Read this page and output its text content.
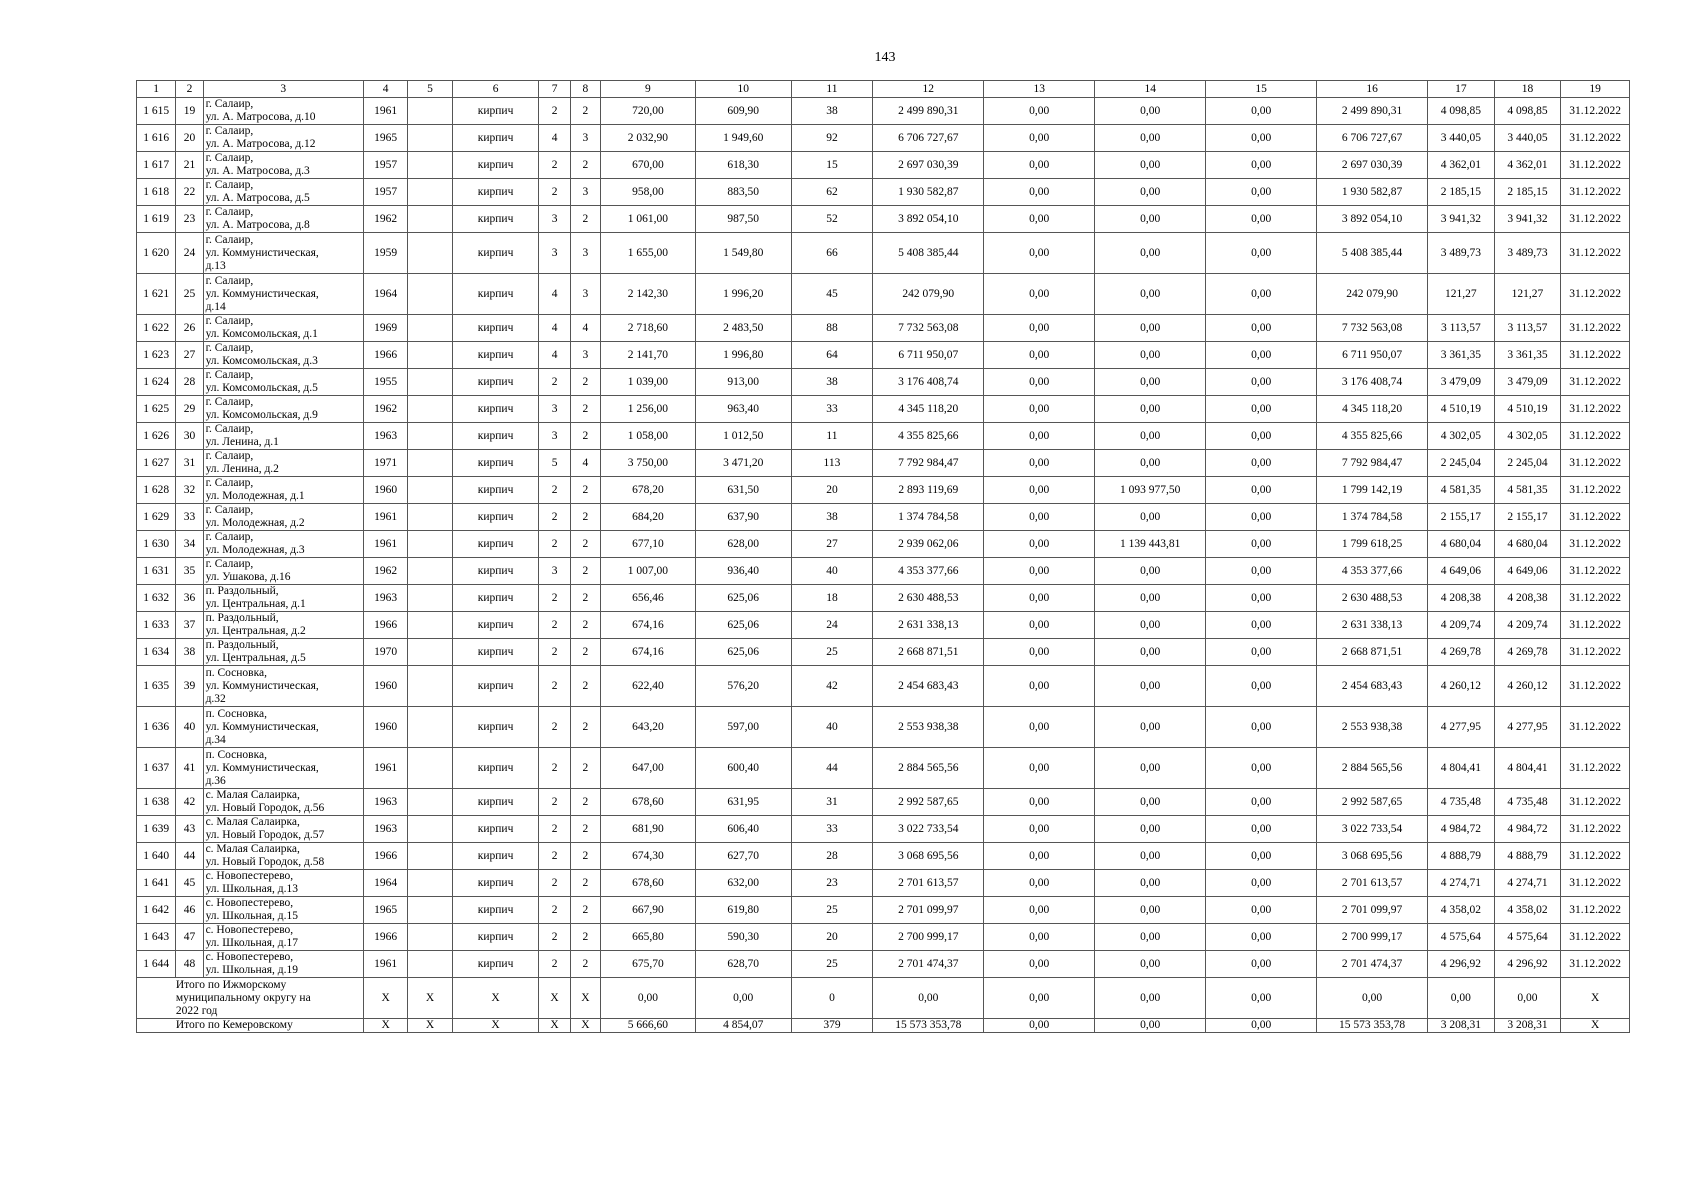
143
1	2	3	4	5	6	7	8	9	10	11	12	13	14	15	16	17	18	19
1 615	19	г. Салаир,
ул. А. Матросова, д.10	1961		кирпич	2	2	720,00	609,90	38	2 499 890,31	0,00	0,00	0,00	2 499 890,31	4 098,85	4 098,85	31.12.2022
1 616	20	г. Салаир,
ул. А. Матросова, д.12	1965		кирпич	4	3	2 032,90	1 949,60	92	6 706 727,67	0,00	0,00	0,00	6 706 727,67	3 440,05	3 440,05	31.12.2022
1 617	21	г. Салаир,
ул. А. Матросова, д.3	1957		кирпич	2	2	670,00	618,30	15	2 697 030,39	0,00	0,00	0,00	2 697 030,39	4 362,01	4 362,01	31.12.2022
1 618	22	г. Салаир,
ул. А. Матросова, д.5	1957		кирпич	2	3	958,00	883,50	62	1 930 582,87	0,00	0,00	0,00	1 930 582,87	2 185,15	2 185,15	31.12.2022
1 619	23	г. Салаир,
ул. А. Матросова, д.8	1962		кирпич	3	2	1 061,00	987,50	52	3 892 054,10	0,00	0,00	0,00	3 892 054,10	3 941,32	3 941,32	31.12.2022
1 620	24	г. Салаир,
ул. Коммунистическая,
д.13	1959		кирпич	3	3	1 655,00	1 549,80	66	5 408 385,44	0,00	0,00	0,00	5 408 385,44	3 489,73	3 489,73	31.12.2022
1 621	25	г. Салаир,
ул. Коммунистическая,
д.14	1964		кирпич	4	3	2 142,30	1 996,20	45	242 079,90	0,00	0,00	0,00	242 079,90	121,27	121,27	31.12.2022
1 622	26	г. Салаир,
ул. Комсомольская, д.1	1969		кирпич	4	4	2 718,60	2 483,50	88	7 732 563,08	0,00	0,00	0,00	7 732 563,08	3 113,57	3 113,57	31.12.2022
1 623	27	г. Салаир,
ул. Комсомольская, д.3	1966		кирпич	4	3	2 141,70	1 996,80	64	6 711 950,07	0,00	0,00	0,00	6 711 950,07	3 361,35	3 361,35	31.12.2022
1 624	28	г. Салаир,
ул. Комсомольская, д.5	1955		кирпич	2	2	1 039,00	913,00	38	3 176 408,74	0,00	0,00	0,00	3 176 408,74	3 479,09	3 479,09	31.12.2022
1 625	29	г. Салаир,
ул. Комсомольская, д.9	1962		кирпич	3	2	1 256,00	963,40	33	4 345 118,20	0,00	0,00	0,00	4 345 118,20	4 510,19	4 510,19	31.12.2022
1 626	30	г. Салаир,
ул. Ленина, д.1	1963		кирпич	3	2	1 058,00	1 012,50	11	4 355 825,66	0,00	0,00	0,00	4 355 825,66	4 302,05	4 302,05	31.12.2022
1 627	31	г. Салаир,
ул. Ленина, д.2	1971		кирпич	5	4	3 750,00	3 471,20	113	7 792 984,47	0,00	0,00	0,00	7 792 984,47	2 245,04	2 245,04	31.12.2022
1 628	32	г. Салаир,
ул. Молодежная, д.1	1960		кирпич	2	2	678,20	631,50	20	2 893 119,69	0,00	1 093 977,50	0,00	1 799 142,19	4 581,35	4 581,35	31.12.2022
1 629	33	г. Салаир,
ул. Молодежная, д.2	1961		кирпич	2	2	684,20	637,90	38	1 374 784,58	0,00	0,00	0,00	1 374 784,58	2 155,17	2 155,17	31.12.2022
1 630	34	г. Салаир,
ул. Молодежная, д.3	1961		кирпич	2	2	677,10	628,00	27	2 939 062,06	0,00	1 139 443,81	0,00	1 799 618,25	4 680,04	4 680,04	31.12.2022
1 631	35	г. Салаир,
ул. Ушакова, д.16	1962		кирпич	3	2	1 007,00	936,40	40	4 353 377,66	0,00	0,00	0,00	4 353 377,66	4 649,06	4 649,06	31.12.2022
1 632	36	п. Раздольный,
ул. Центральная, д.1	1963		кирпич	2	2	656,46	625,06	18	2 630 488,53	0,00	0,00	0,00	2 630 488,53	4 208,38	4 208,38	31.12.2022
1 633	37	п. Раздольный,
ул. Центральная, д.2	1966		кирпич	2	2	674,16	625,06	24	2 631 338,13	0,00	0,00	0,00	2 631 338,13	4 209,74	4 209,74	31.12.2022
1 634	38	п. Раздольный,
ул. Центральная, д.5	1970		кирпич	2	2	674,16	625,06	25	2 668 871,51	0,00	0,00	0,00	2 668 871,51	4 269,78	4 269,78	31.12.2022
1 635	39	п. Сосновка,
ул. Коммунистическая,
д.32	1960		кирпич	2	2	622,40	576,20	42	2 454 683,43	0,00	0,00	0,00	2 454 683,43	4 260,12	4 260,12	31.12.2022
1 636	40	п. Сосновка,
ул. Коммунистическая,
д.34	1960		кирпич	2	2	643,20	597,00	40	2 553 938,38	0,00	0,00	0,00	2 553 938,38	4 277,95	4 277,95	31.12.2022
1 637	41	п. Сосновка,
ул. Коммунистическая,
д.36	1961		кирпич	2	2	647,00	600,40	44	2 884 565,56	0,00	0,00	0,00	2 884 565,56	4 804,41	4 804,41	31.12.2022
1 638	42	с. Малая Салаирка,
ул. Новый Городок, д.56	1963		кирпич	2	2	678,60	631,95	31	2 992 587,65	0,00	0,00	0,00	2 992 587,65	4 735,48	4 735,48	31.12.2022
1 639	43	с. Малая Салаирка,
ул. Новый Городок, д.57	1963		кирпич	2	2	681,90	606,40	33	3 022 733,54	0,00	0,00	0,00	3 022 733,54	4 984,72	4 984,72	31.12.2022
1 640	44	с. Малая Салаирка,
ул. Новый Городок, д.58	1966		кирпич	2	2	674,30	627,70	28	3 068 695,56	0,00	0,00	0,00	3 068 695,56	4 888,79	4 888,79	31.12.2022
1 641	45	с. Новопестерево,
ул. Школьная, д.13	1964		кирпич	2	2	678,60	632,00	23	2 701 613,57	0,00	0,00	0,00	2 701 613,57	4 274,71	4 274,71	31.12.2022
1 642	46	с. Новопестерево,
ул. Школьная, д.15	1965		кирпич	2	2	667,90	619,80	25	2 701 099,97	0,00	0,00	0,00	2 701 099,97	4 358,02	4 358,02	31.12.2022
1 643	47	с. Новопестерево,
ул. Школьная, д.17	1966		кирпич	2	2	665,80	590,30	20	2 700 999,17	0,00	0,00	0,00	2 700 999,17	4 575,64	4 575,64	31.12.2022
1 644	48	с. Новопестерево,
ул. Школьная, д.19	1961		кирпич	2	2	675,70	628,70	25	2 701 474,37	0,00	0,00	0,00	2 701 474,37	4 296,92	4 296,92	31.12.2022

	Итого по Ижморскому
муниципальному округу на
2022 год		X	X	X	X	X	0,00	0,00	0	0,00	0,00	0,00	0,00	0,00	0,00	0,00	X

	Итого по Кемеровскому		X	X	X	X	X	5 666,60	4 854,07	379	15 573 353,78	0,00	0,00	0,00	15 573 353,78	3 208,31	3 208,31	X
